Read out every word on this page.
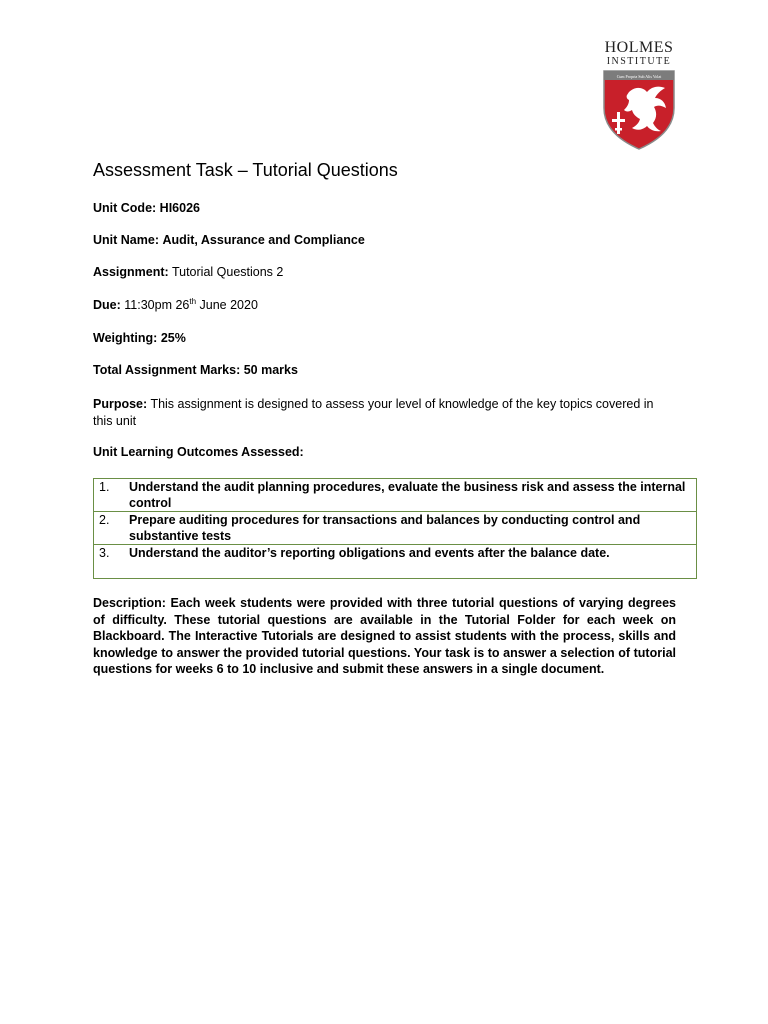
HOLMES
INSTITUTE
Cum Propria Sub Alis Volat
Assessment Task – Tutorial Questions
Unit Code: HI6026
Unit Name: Audit, Assurance and Compliance
Assignment: Tutorial Questions 2
Due: 11:30pm 26th June 2020
Weighting: 25%
Total Assignment Marks: 50 marks
Purpose: This assignment is designed to assess your level of knowledge of the key topics covered in this unit
Unit Learning Outcomes Assessed:
1.	Understand the audit planning procedures, evaluate the business risk and assess the internal control
2.	Prepare auditing procedures for transactions and balances by conducting control and substantive tests
3.	Understand the auditor’s reporting obligations and events after the balance date.
Description: Each week students were provided with three tutorial questions of varying degrees of difficulty. These tutorial questions are available in the Tutorial Folder for each week on Blackboard. The Interactive Tutorials are designed to assist students with the process, skills and knowledge to answer the provided tutorial questions. Your task is to answer a selection of tutorial questions for weeks 6 to 10 inclusive and submit these answers in a single document.
